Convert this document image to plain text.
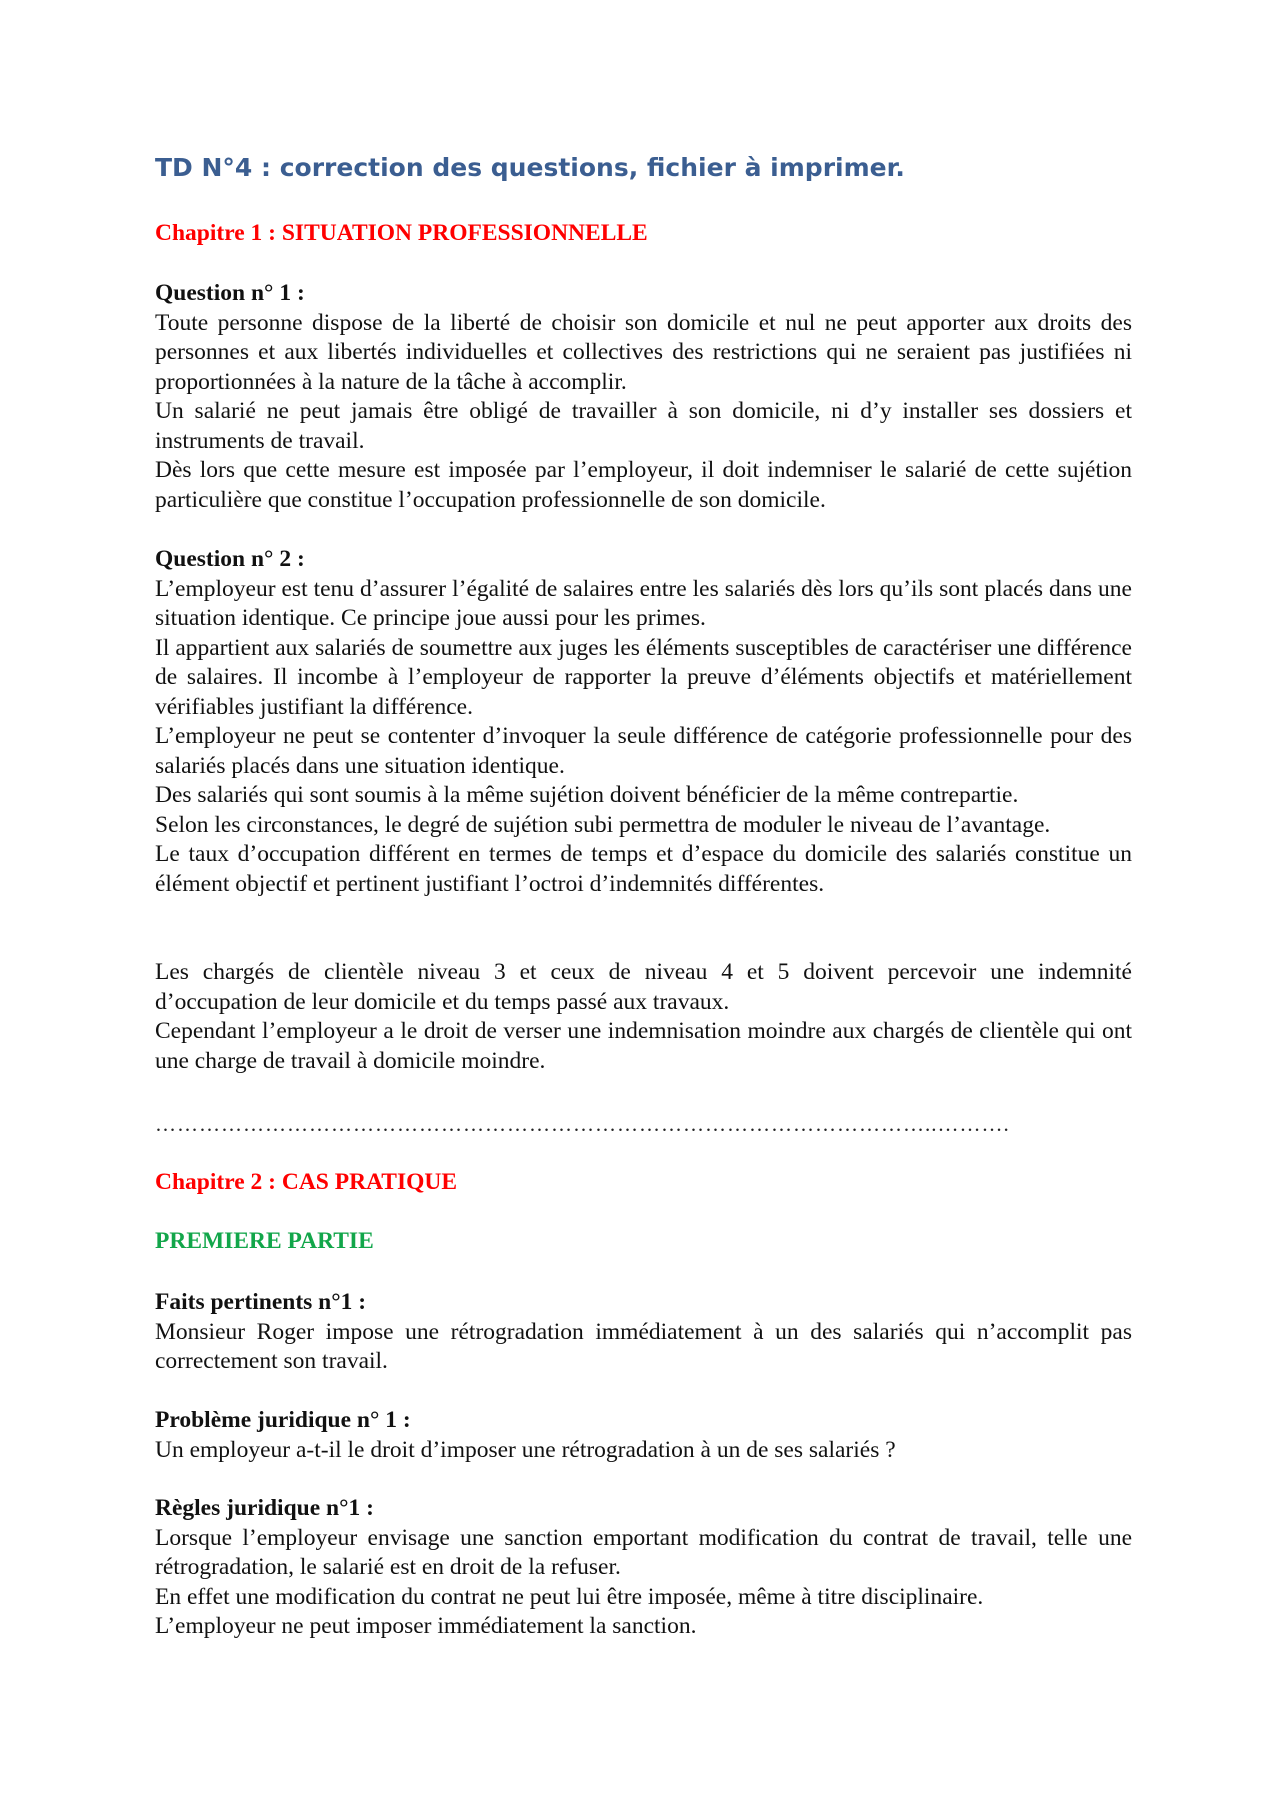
TD N°4 : correction des questions, fichier à imprimer.
Chapitre 1 : SITUATION PROFESSIONNELLE

Question n° 1 :

Toute personne dispose de la liberté de choisir son domicile et nul ne peut apporter aux droits des personnes et aux libertés individuelles et collectives des restrictions qui ne seraient pas justifiées ni proportionnées à la nature de la tâche à accomplir.

Un salarié ne peut jamais être obligé de travailler à son domicile, ni d’y installer ses dossiers et instruments de travail.

Dès lors que cette mesure est imposée par l’employeur, il doit indemniser le salarié de cette sujétion particulière que constitue l’occupation professionnelle de son domicile.

Question n° 2 :

L’employeur est tenu d’assurer l’égalité de salaires entre les salariés dès lors qu’ils sont placés dans une situation identique. Ce principe joue aussi pour les primes.

Il appartient aux salariés de soumettre aux juges les éléments susceptibles de caractériser une différence de salaires. Il incombe à l’employeur de rapporter la preuve d’éléments objectifs et matériellement vérifiables justifiant la différence.

L’employeur ne peut se contenter d’invoquer la seule différence de catégorie professionnelle pour des salariés placés dans une situation identique.

Des salariés qui sont soumis à la même sujétion doivent bénéficier de la même contrepartie.

Selon les circonstances, le degré de sujétion subi permettra de moduler le niveau de l’avantage.

Le taux d’occupation différent en termes de temps et d’espace du domicile des salariés constitue un élément objectif et pertinent justifiant l’octroi d’indemnités différentes.

Les chargés de clientèle niveau 3 et ceux de niveau 4 et 5 doivent percevoir une indemnité d’occupation de leur domicile et du temps passé aux travaux.

Cependant l’employeur a le droit de verser une indemnisation moindre aux chargés de clientèle qui ont une charge de travail à domicile moindre.

……………………………………………………………………………………………..……….
Chapitre 2 : CAS PRATIQUE
PREMIERE PARTIE

Faits pertinents n°1 :

Monsieur Roger impose une rétrogradation immédiatement à un des salariés qui n’accomplit pas correctement son travail.

Problème juridique n° 1 :

Un employeur a-t-il le droit d’imposer une rétrogradation à un de ses salariés ?

Règles juridique n°1 :

Lorsque l’employeur envisage une sanction emportant modification du contrat de travail, telle une rétrogradation, le salarié est en droit de la refuser.

En effet une modification du contrat ne peut lui être imposée, même à titre disciplinaire.

L’employeur ne peut imposer immédiatement la sanction.
